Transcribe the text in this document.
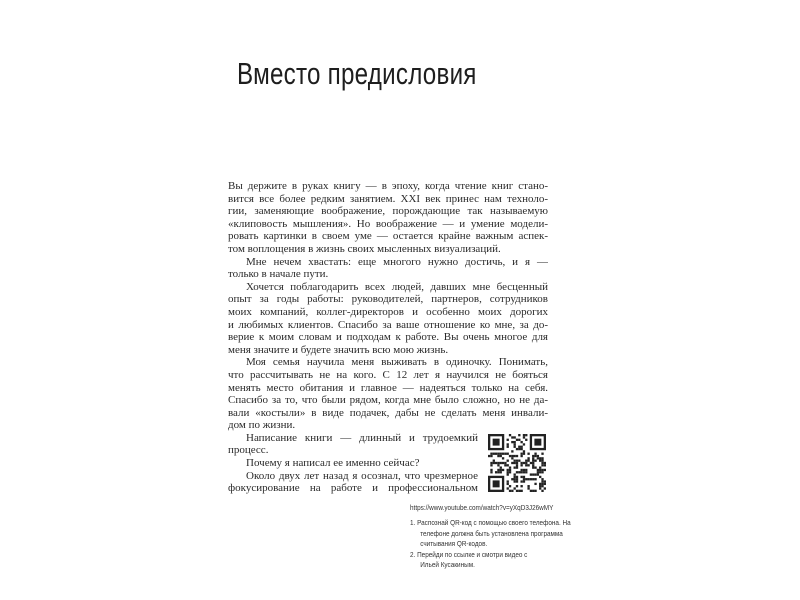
Вместо предисловия
Вы держите в руках книгу — в эпоху, когда чтение книг стано-
вится все более редким занятием. XXI век принес нам техноло-
гии, заменяющие воображение, порождающие так называемую
«клиповость мышления». Но воображение — и умение модели-
ровать картинки в своем уме — остается крайне важным аспек-
том воплощения в жизнь своих мысленных визуализаций.
Мне нечем хвастать: еще многого нужно достичь, и я —
только в начале пути.
Хочется поблагодарить всех людей, давших мне бесценный
опыт за годы работы: руководителей, партнеров, сотрудников
моих компаний, коллег-директоров и особенно моих дорогих
и любимых клиентов. Спасибо за ваше отношение ко мне, за до-
верие к моим словам и подходам к работе. Вы очень многое для
меня значите и будете значить всю мою жизнь.
Моя семья научила меня выживать в одиночку. Понимать,
что рассчитывать не на кого. С 12 лет я научился не бояться
менять место обитания и главное — надеяться только на себя.
Спасибо за то, что были рядом, когда мне было сложно, но не да-
вали «костыли» в виде подачек, дабы не сделать меня инвали-
дом по жизни.
Написание книги — длинный и трудоемкий
процесс.
Почему я написал ее именно сейчас?
Около двух лет назад я осознал, что чрезмерное
фокусирование на работе и профессиональном
https://www.youtube.com/watch?v=yXqD3J26wMY
1. Распознай QR-код с помощью своего телефона. На телефоне должна быть установлена программа считывания QR-кодов.
2. Перейди по ссылке и смотри видео с Ильей Кусакиным.
